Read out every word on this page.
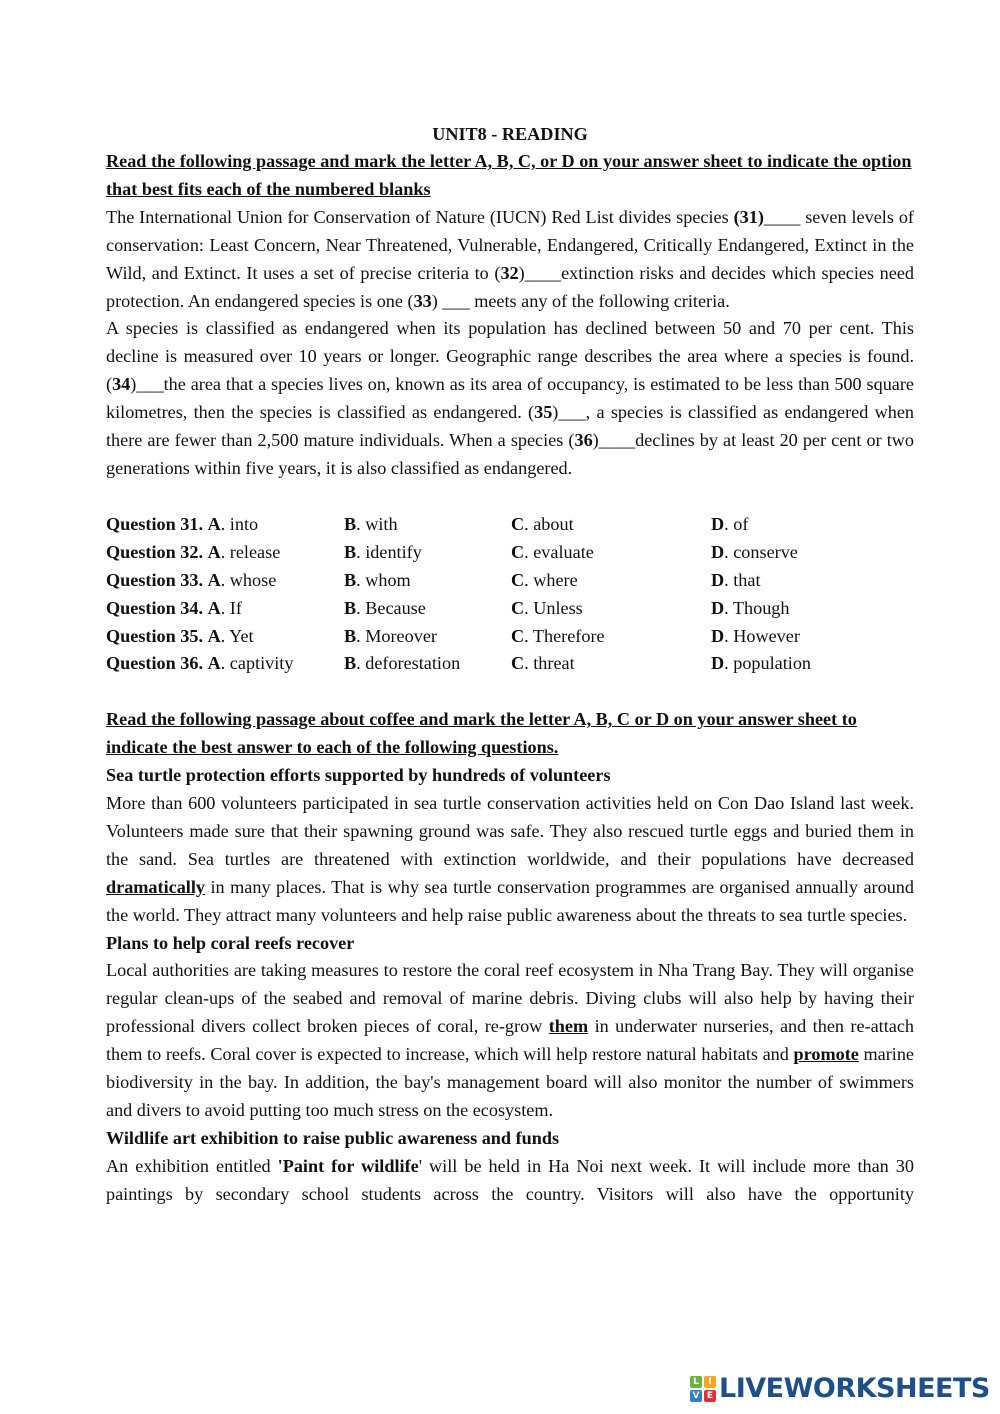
UNIT8 - READING

Read the following passage and mark the letter A, B, C, or D on your answer sheet to indicate the option that best fits each of the numbered blanks

The International Union for Conservation of Nature (IUCN) Red List divides species (31)____ seven levels of conservation: Least Concern, Near Threatened, Vulnerable, Endangered, Critically Endangered, Extinct in the Wild, and Extinct. It uses a set of precise criteria to (32)____extinction risks and decides which species need protection. An endangered species is one (33) ___ meets any of the following criteria.

A species is classified as endangered when its population has declined between 50 and 70 per cent. This decline is measured over 10 years or longer. Geographic range describes the area where a species is found. (34)___the area that a species lives on, known as its area of occupancy, is estimated to be less than 500 square kilometres, then the species is classified as endangered. (35)___, a species is classified as endangered when there are fewer than 2,500 mature individuals. When a species (36)____declines by at least 20 per cent or two generations within five years, it is also classified as endangered.

Question 31. A. into	B. with	C. about	D. of
Question 32. A. release	B. identify	C. evaluate	D. conserve
Question 33. A. whose	B. whom	C. where	D. that
Question 34. A. If	B. Because	C. Unless	D. Though
Question 35. A. Yet	B. Moreover	C. Therefore	D. However
Question 36. A. captivity	B. deforestation	C. threat	D. population

Read the following passage about coffee and mark the letter A, B, C or D on your answer sheet to indicate the best answer to each of the following questions.

Sea turtle protection efforts supported by hundreds of volunteers

More than 600 volunteers participated in sea turtle conservation activities held on Con Dao Island last week. Volunteers made sure that their spawning ground was safe. They also rescued turtle eggs and buried them in the sand. Sea turtles are threatened with extinction worldwide, and their populations have decreased dramatically in many places. That is why sea turtle conservation programmes are organised annually around the world. They attract many volunteers and help raise public awareness about the threats to sea turtle species.

Plans to help coral reefs recover

Local authorities are taking measures to restore the coral reef ecosystem in Nha Trang Bay. They will organise regular clean-ups of the seabed and removal of marine debris. Diving clubs will also help by having their professional divers collect broken pieces of coral, re-grow them in underwater nurseries, and then re-attach them to reefs. Coral cover is expected to increase, which will help restore natural habitats and promote marine biodiversity in the bay. In addition, the bay's management board will also monitor the number of swimmers and divers to avoid putting too much stress on the ecosystem.

Wildlife art exhibition to raise public awareness and funds

An exhibition entitled 'Paint for wildlife' will be held in Ha Noi next week. It will include more than 30 paintings by secondary school students across the country. Visitors will also have the opportunity

L	I
V E LIVEWORKSHEETS
